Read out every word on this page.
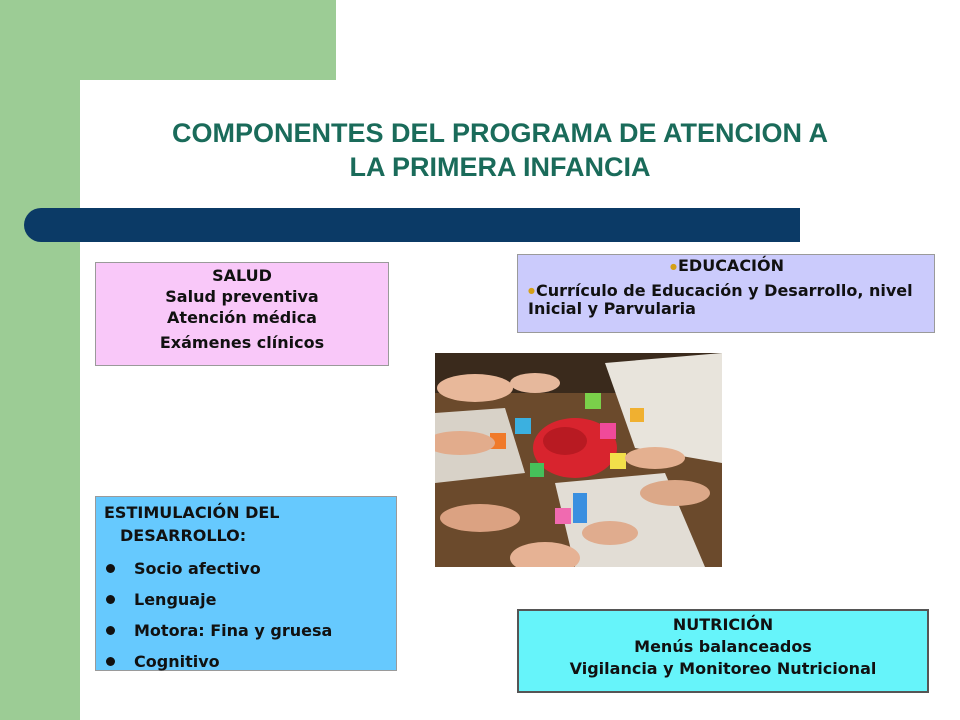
COMPONENTES DEL PROGRAMA DE ATENCION A
LA PRIMERA INFANCIA
SALUD
Salud preventiva
Atención médica
Exámenes clínicos
●EDUCACIÓN
●Currículo de Educación y Desarrollo, nivel Inicial y Parvularia
ESTIMULACIÓN DEL
DESARROLLO:
Socio afectivo
Lenguaje
Motora: Fina y gruesa
Cognitivo
NUTRICIÓN
Menús balanceados
Vigilancia y Monitoreo Nutricional
